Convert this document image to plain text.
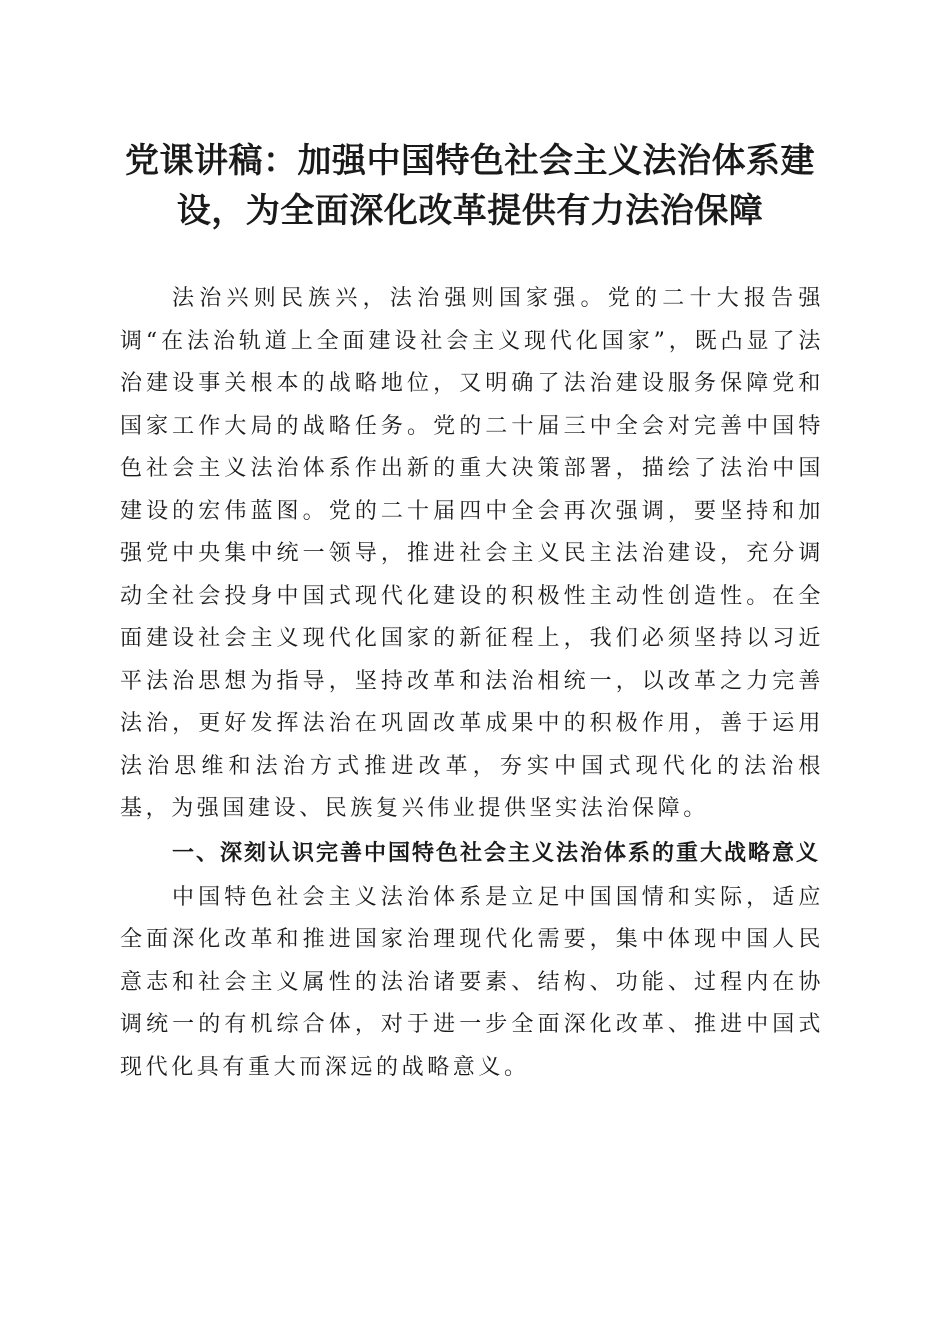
党课讲稿：加强中国特色社会主义法治体系建
设，为全面深化改革提供有力法治保障

法治兴则民族兴，法治强则国家强。党的二十大报告强调“在法治轨道上全面建设社会主义现代化国家”，既凸显了法治建设事关根本的战略地位，又明确了法治建设服务保障党和国家工作大局的战略任务。党的二十届三中全会对完善中国特色社会主义法治体系作出新的重大决策部署，描绘了法治中国建设的宏伟蓝图。党的二十届四中全会再次强调，要坚持和加强党中央集中统一领导，推进社会主义民主法治建设，充分调动全社会投身中国式现代化建设的积极性主动性创造性。在全面建设社会主义现代化国家的新征程上，我们必须坚持以习近平法治思想为指导，坚持改革和法治相统一，以改革之力完善法治，更好发挥法治在巩固改革成果中的积极作用，善于运用法治思维和法治方式推进改革，夯实中国式现代化的法治根基，为强国建设、民族复兴伟业提供坚实法治保障。

一、深刻认识完善中国特色社会主义法治体系的重大战略意义

中国特色社会主义法治体系是立足中国国情和实际，适应全面深化改革和推进国家治理现代化需要，集中体现中国人民意志和社会主义属性的法治诸要素、结构、功能、过程内在协调统一的有机综合体，对于进一步全面深化改革、推进中国式现代化具有重大而深远的战略意义。
